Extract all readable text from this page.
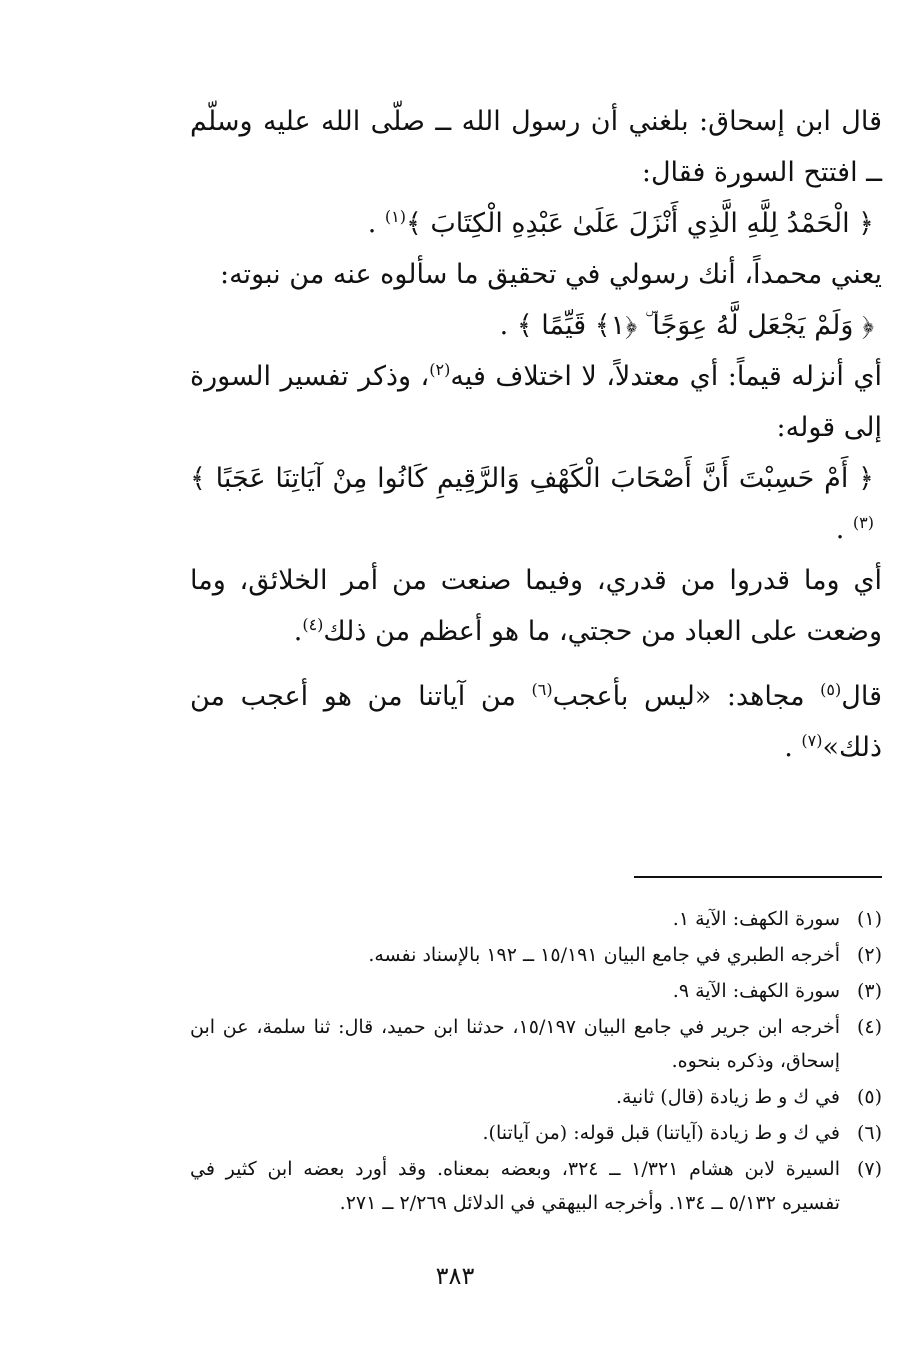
قال ابن إسحاق: بلغني أن رسول الله ــ صلّى الله عليه وسلّم ــ افتتح السورة فقال:

﴿ الْحَمْدُ لِلَّهِ الَّذِي أَنْزَلَ عَلَىٰ عَبْدِهِ الْكِتَابَ ﴾$^{(١)}$ .

يعني محمداً، أنك رسولي في تحقيق ما سألوه عنه من نبوته:

﴿ وَلَمْ يَجْعَل لَّهُ عِوَجًا ۜ ﴿١﴾ قَيِّمًا ﴾ .

أي أنزله قيماً: أي معتدلاً، لا اختلاف فيه$^{(٢)}$، وذكر تفسير السورة إلى قوله:

﴿ أَمْ حَسِبْتَ أَنَّ أَصْحَابَ الْكَهْفِ وَالرَّقِيمِ كَانُوا مِنْ آيَاتِنَا عَجَبًا ﴾$^{(٣)}$ .

أي وما قدروا من قدري، وفيما صنعت من أمر الخلائق، وما وضعت على العباد من حجتي، ما هو أعظم من ذلك$^{(٤)}$.

قال$^{(٥)}$ مجاهد: «ليس بأعجب$^{(٦)}$ من آياتنا من هو أعجب من ذلك»$^{(٧)}$ .

(١)
سورة الكهف: الآية ١.
(٢)
أخرجه الطبري في جامع البيان ١٥/١٩١ ــ ١٩٢ بالإسناد نفسه.
(٣)
سورة الكهف: الآية ٩.
(٤)
أخرجه ابن جرير في جامع البيان ١٥/١٩٧، حدثنا ابن حميد، قال: ثنا سلمة، عن ابن إسحاق، وذكره بنحوه.
(٥)
في ك و ط زيادة (قال) ثانية.
(٦)
في ك و ط زيادة (آياتنا) قبل قوله: (من آياتنا).
(٧)
السيرة لابن هشام ١/٣٢١ ــ ٣٢٤، وبعضه بمعناه. وقد أورد بعضه ابن كثير في تفسيره ٥/١٣٢ ــ ١٣٤. وأخرجه البيهقي في الدلائل ٢/٢٦٩ ــ ٢٧١.
٣٨٣
